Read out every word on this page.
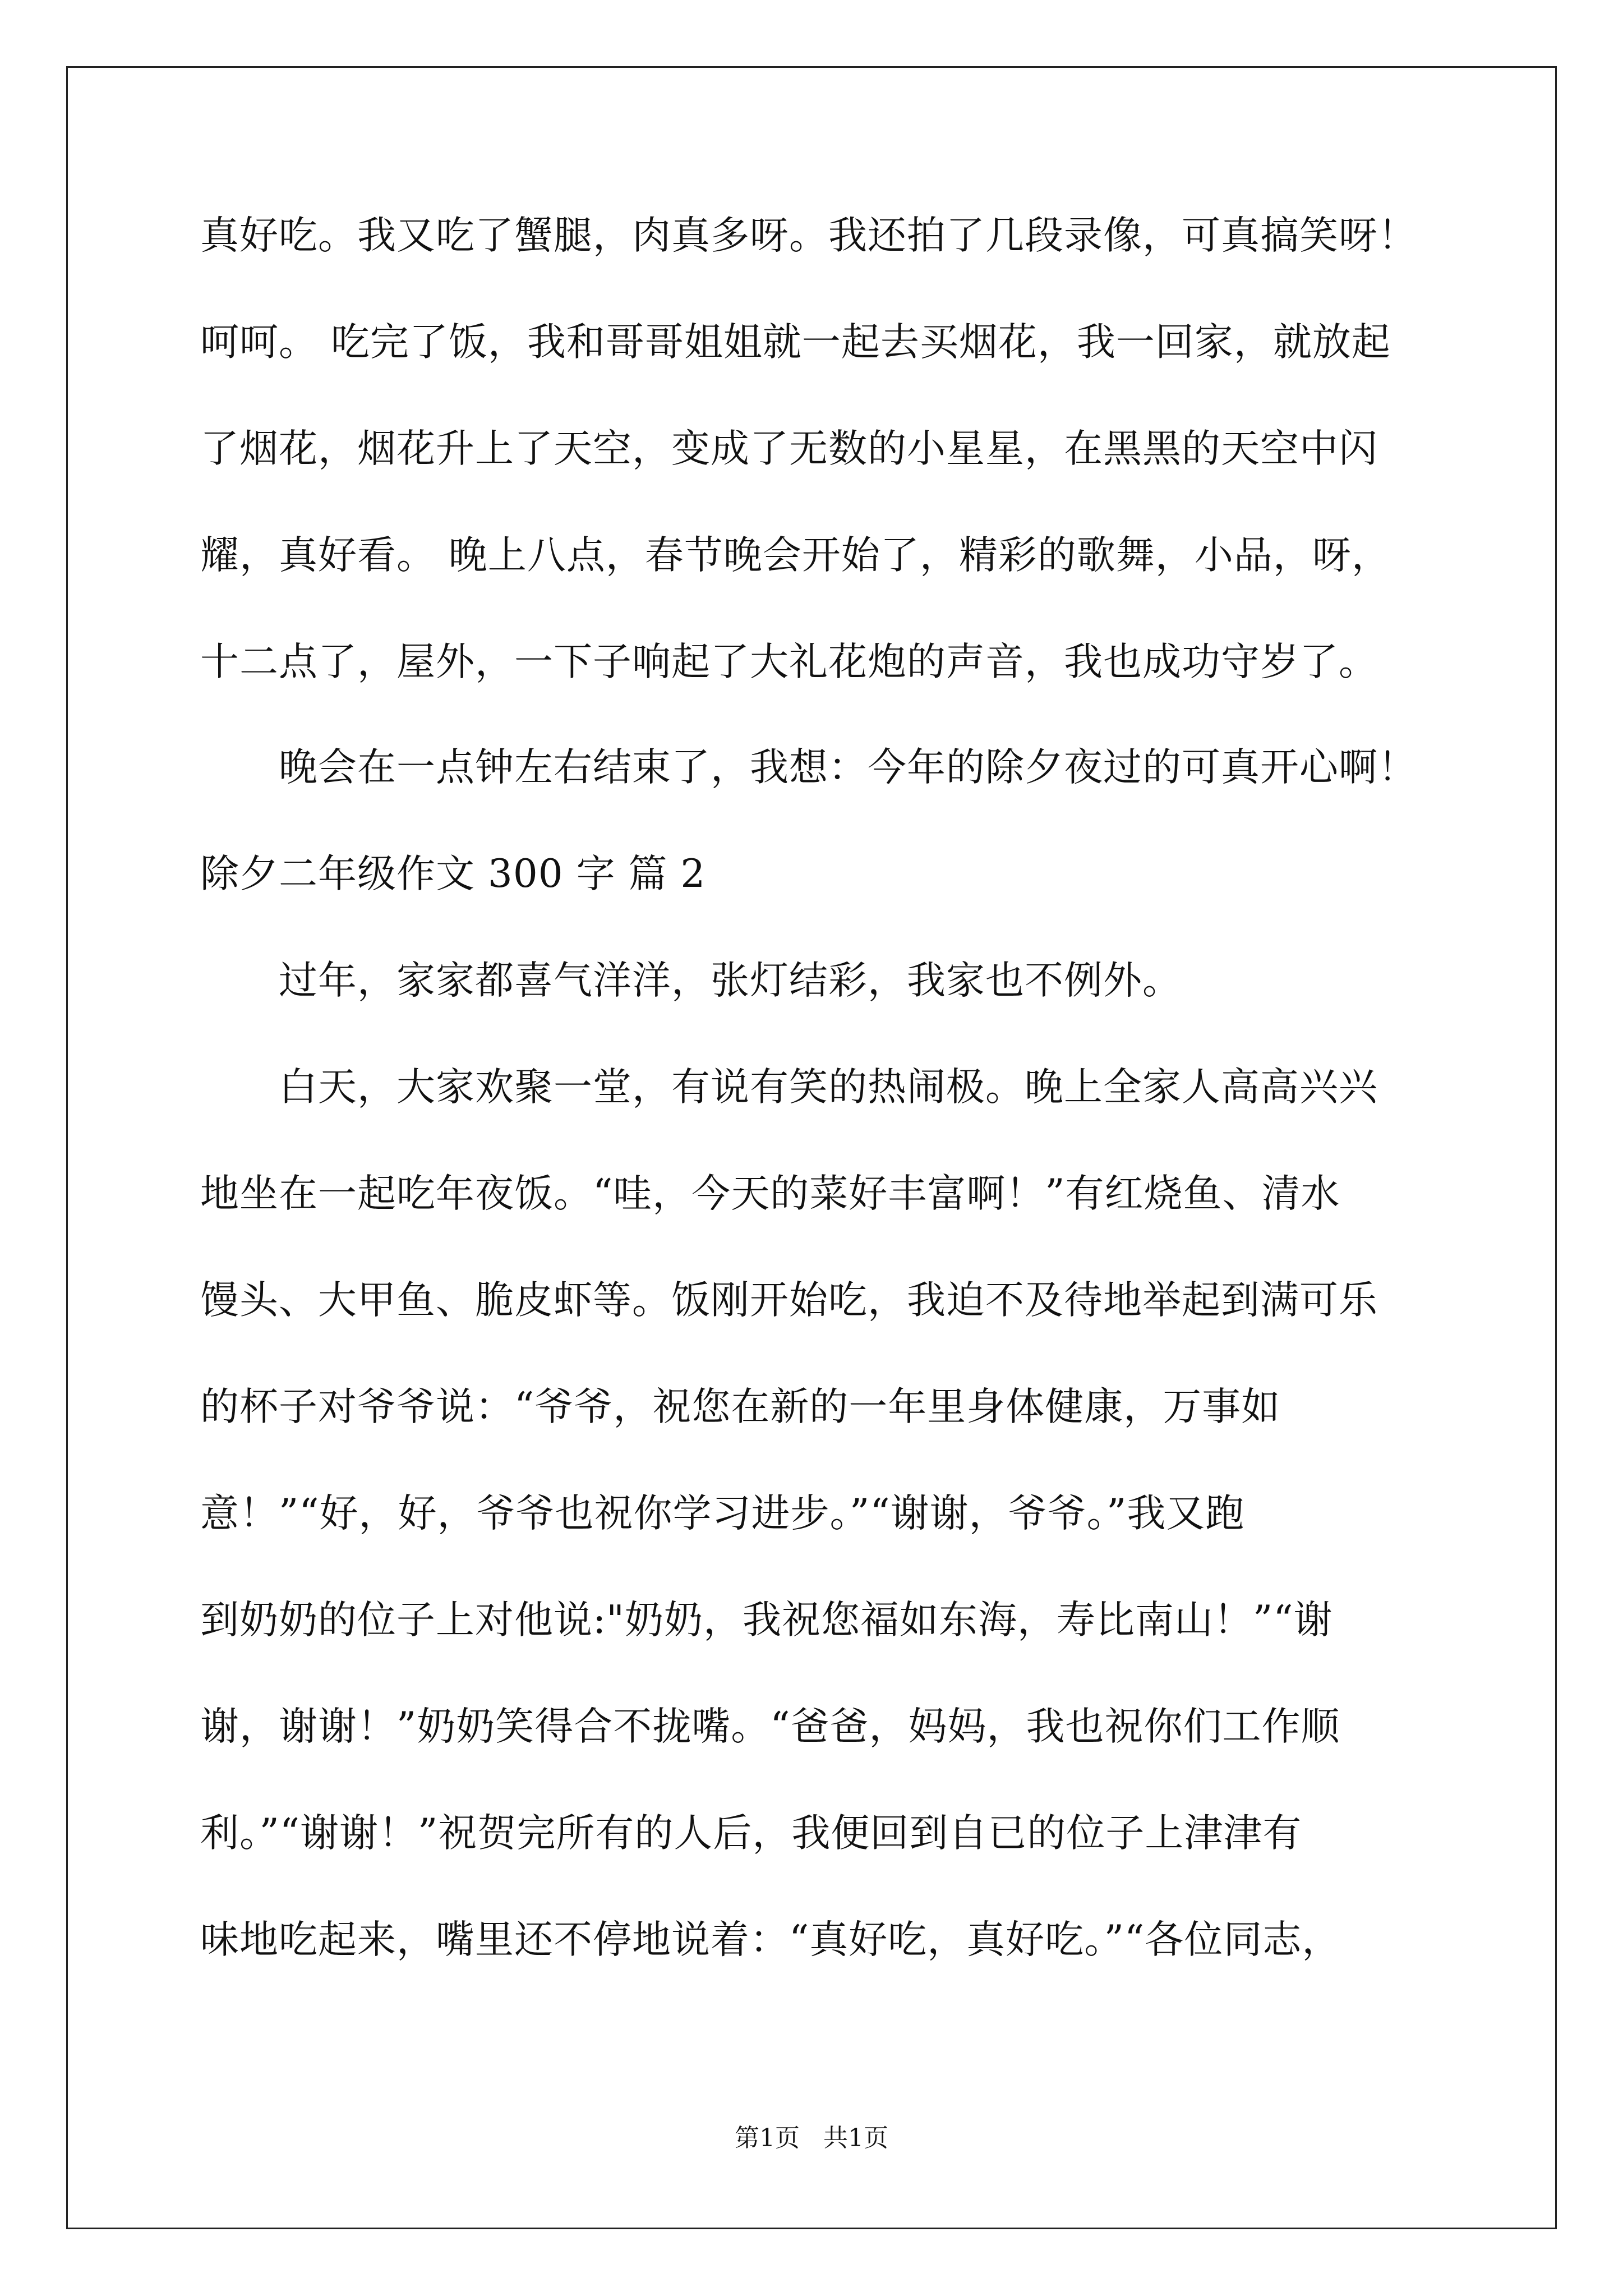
真好吃。我又吃了蟹腿，肉真多呀。我还拍了几段录像，可真搞笑呀！
呵呵。 吃完了饭，我和哥哥姐姐就一起去买烟花，我一回家，就放起
了烟花，烟花升上了天空，变成了无数的小星星，在黑黑的天空中闪
耀，真好看。 晚上八点，春节晚会开始了，精彩的歌舞，小品，呀，
十二点了，屋外，一下子响起了大礼花炮的声音，我也成功守岁了。
晚会在一点钟左右结束了，我想：今年的除夕夜过的可真开心啊！
除夕二年级作文 300 字 篇 2
过年，家家都喜气洋洋，张灯结彩，我家也不例外。
白天，大家欢聚一堂，有说有笑的热闹极。晚上全家人高高兴兴
地坐在一起吃年夜饭。“哇，今天的菜好丰富啊！”有红烧鱼、清水
馒头、大甲鱼、脆皮虾等。饭刚开始吃，我迫不及待地举起到满可乐
的杯子对爷爷说：“爷爷，祝您在新的一年里身体健康，万事如
意！”“好，好，爷爷也祝你学习进步。”“谢谢，爷爷。”我又跑
到奶奶的位子上对他说:"奶奶，我祝您福如东海，寿比南山！”“谢
谢，谢谢！”奶奶笑得合不拢嘴。“爸爸，妈妈，我也祝你们工作顺
利。”“谢谢！”祝贺完所有的人后，我便回到自已的位子上津津有
味地吃起来，嘴里还不停地说着：“真好吃，真好吃。”“各位同志，
第1页   共1页
